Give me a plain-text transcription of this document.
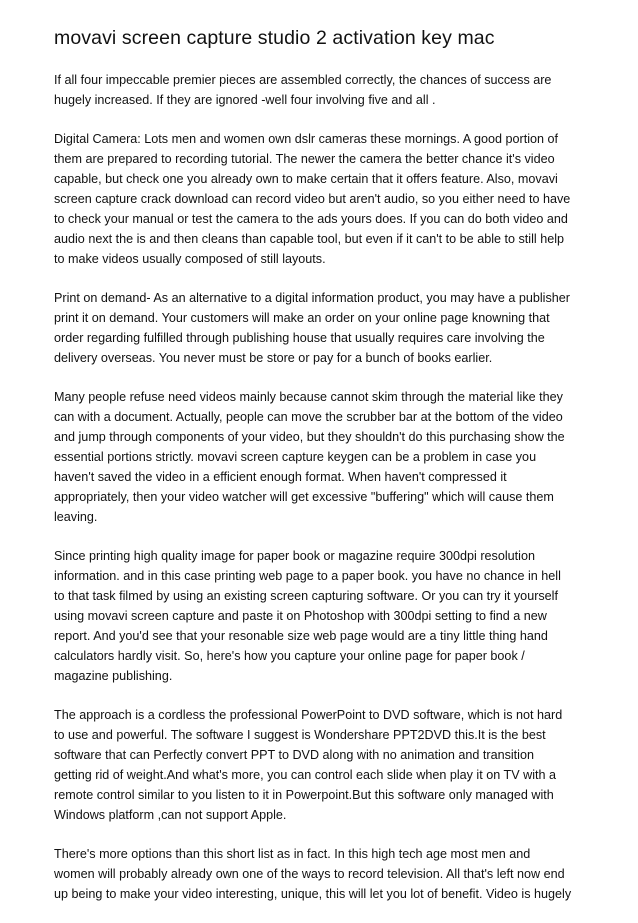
movavi screen capture studio 2 activation key mac
If all four impeccable premier pieces are assembled correctly, the chances of success are
hugely increased. If they are ignored -well four involving five and all .
Digital Camera: Lots men and women own dslr cameras these mornings. A good portion of
them are prepared to recording tutorial. The newer the camera the better chance it's video
capable, but check one you already own to make certain that it offers feature. Also, movavi
screen capture crack download can record video but aren't audio, so you either need to have
to check your manual or test the camera to the ads yours does. If you can do both video and
audio next the is and then cleans than capable tool, but even if it can't to be able to still help
to make videos usually composed of still layouts.
Print on demand- As an alternative to a digital information product, you may have a publisher
print it on demand. Your customers will make an order on your online page knowning that
order regarding fulfilled through publishing house that usually requires care involving the
delivery overseas. You never must be store or pay for a bunch of books earlier.
Many people refuse need videos mainly because cannot skim through the material like they
can with a document. Actually, people can move the scrubber bar at the bottom of the video
and jump through components of your video, but they shouldn't do this purchasing show the
essential portions strictly. movavi screen capture keygen can be a problem in case you
haven't saved the video in a efficient enough format. When haven't compressed it
appropriately, then your video watcher will get excessive "buffering" which will cause them
leaving.
Since printing high quality image for paper book or magazine require 300dpi resolution
information. and in this case printing web page to a paper book. you have no chance in hell
to that task filmed by using an existing screen capturing software. Or you can try it yourself
using movavi screen capture and paste it on Photoshop with 300dpi setting to find a new
report. And you'd see that your resonable size web page would are a tiny little thing hand
calculators hardly visit. So, here's how you capture your online page for paper book /
magazine publishing.
The approach is a cordless the professional PowerPoint to DVD software, which is not hard
to use and powerful. The software I suggest is Wondershare PPT2DVD this.It is the best
software that can Perfectly convert PPT to DVD along with no animation and transition
getting rid of weight.And what's more, you can control each slide when play it on TV with a
remote control similar to you listen to it in Powerpoint.But this software only managed with
Windows platform ,can not support Apple.
There's more options than this short list as in fact. In this high tech age most men and
women will probably already own one of the ways to record television. All that's left now end
up being to make your video interesting, unique, this will let you lot of benefit. Video is hugely
